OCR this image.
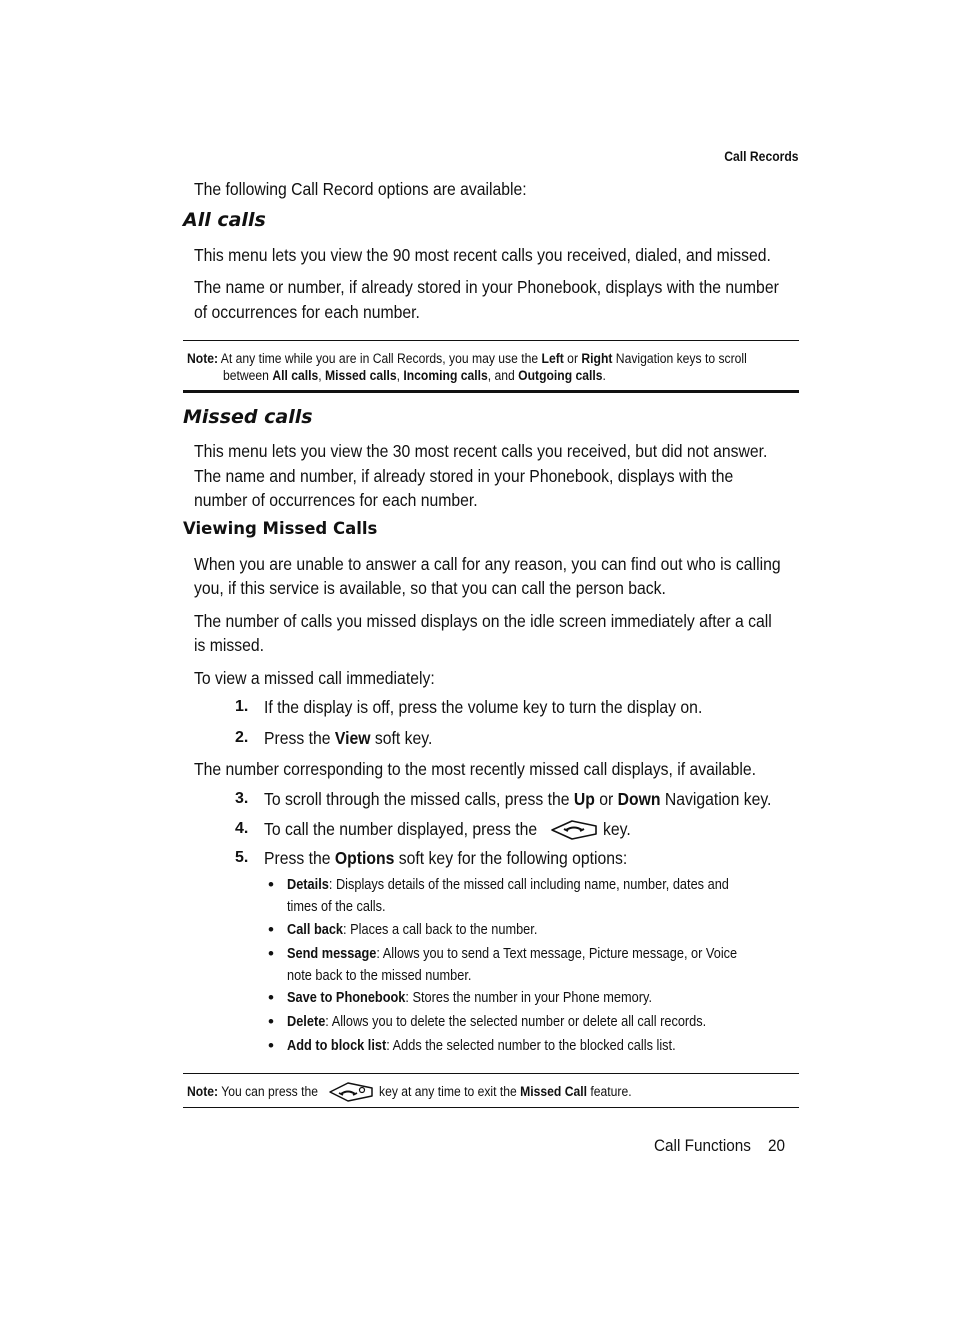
Call Records
The following Call Record options are available:
All calls
This menu lets you view the 90 most recent calls you received, dialed, and missed.
The name or number, if already stored in your Phonebook, displays with the number
of occurrences for each number.
Note: At any time while you are in Call Records, you may use the Left or Right Navigation keys to scroll
between All calls, Missed calls, Incoming calls, and Outgoing calls.
Missed calls
This menu lets you view the 30 most recent calls you received, but did not answer.
The name and number, if already stored in your Phonebook, displays with the
number of occurrences for each number.
Viewing Missed Calls
When you are unable to answer a call for any reason, you can find out who is calling
you, if this service is available, so that you can call the person back.
The number of calls you missed displays on the idle screen immediately after a call
is missed.
To view a missed call immediately:
1. If the display is off, press the volume key to turn the display on.
2. Press the View soft key.
The number corresponding to the most recently missed call displays, if available.
3. To scroll through the missed calls, press the Up or Down Navigation key.
4. To call the number displayed, press the	key.
5. Press the Options soft key for the following options:
• Details: Displays details of the missed call including name, number, dates and
times of the calls.
• Call back: Places a call back to the number.
• Send message: Allows you to send a Text message, Picture message, or Voice
note back to the missed number.
• Save to Phonebook: Stores the number in your Phone memory.
• Delete: Allows you to delete the selected number or delete all call records.
• Add to block list: Adds the selected number to the blocked calls list.
Note: You can press the	key at any time to exit the Missed Call feature.
Call Functions 20
